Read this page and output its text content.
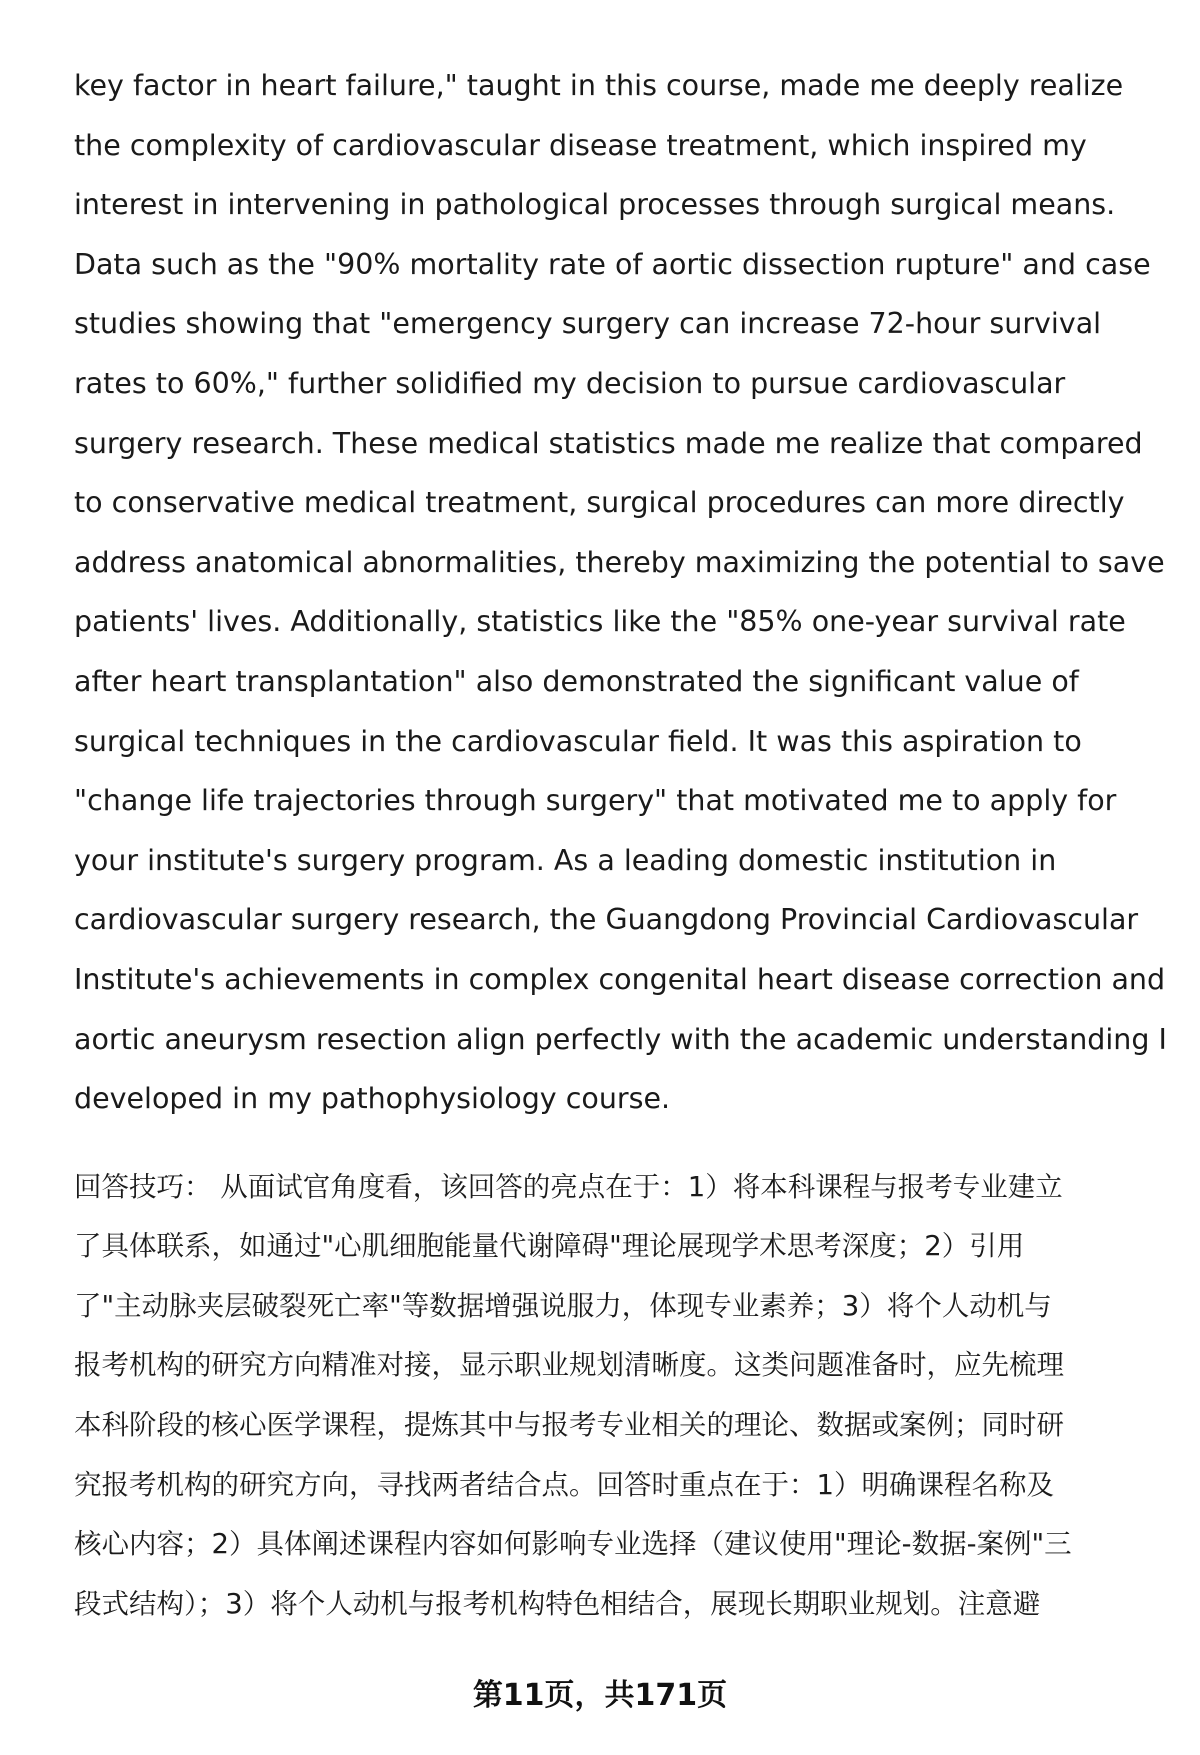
key factor in heart failure," taught in this course, made me deeply realize
the complexity of cardiovascular disease treatment, which inspired my
interest in intervening in pathological processes through surgical means.
Data such as the "90% mortality rate of aortic dissection rupture" and case
studies showing that "emergency surgery can increase 72-hour survival
rates to 60%," further solidified my decision to pursue cardiovascular
surgery research. These medical statistics made me realize that compared
to conservative medical treatment, surgical procedures can more directly
address anatomical abnormalities, thereby maximizing the potential to save
patients' lives. Additionally, statistics like the "85% one-year survival rate
after heart transplantation" also demonstrated the significant value of
surgical techniques in the cardiovascular field. It was this aspiration to
"change life trajectories through surgery" that motivated me to apply for
your institute's surgery program. As a leading domestic institution in
cardiovascular surgery research, the Guangdong Provincial Cardiovascular
Institute's achievements in complex congenital heart disease correction and
aortic aneurysm resection align perfectly with the academic understanding I
developed in my pathophysiology course.
回答技巧： 从面试官角度看，该回答的亮点在于：1）将本科课程与报考专业建立
了具体联系，如通过"心肌细胞能量代谢障碍"理论展现学术思考深度；2）引用
了"主动脉夹层破裂死亡率"等数据增强说服力，体现专业素养；3）将个人动机与
报考机构的研究方向精准对接，显示职业规划清晰度。这类问题准备时，应先梳理
本科阶段的核心医学课程，提炼其中与报考专业相关的理论、数据或案例；同时研
究报考机构的研究方向，寻找两者结合点。回答时重点在于：1）明确课程名称及
核心内容；2）具体阐述课程内容如何影响专业选择（建议使用"理论-数据-案例"三
段式结构）；3）将个人动机与报考机构特色相结合，展现长期职业规划。注意避
第11页，共171页
